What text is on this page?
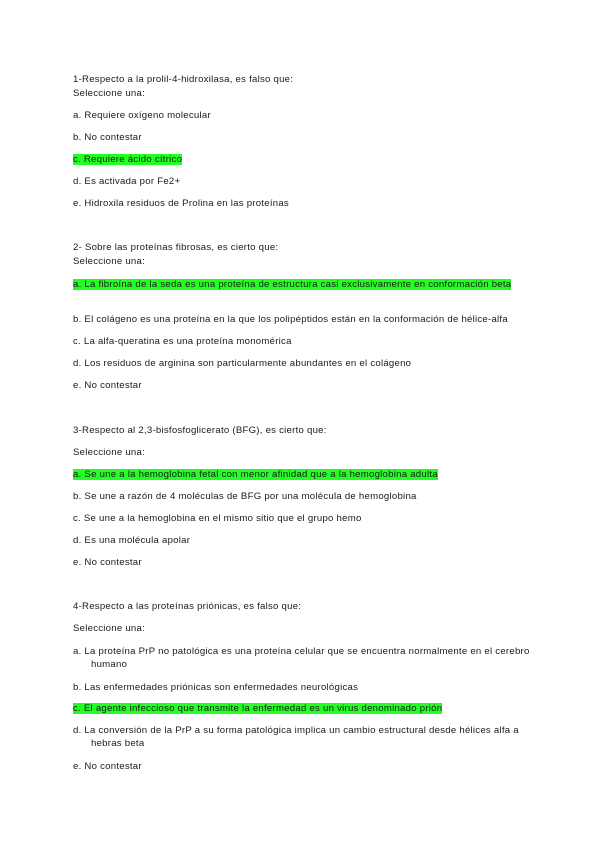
1-Respecto a la prolil-4-hidroxilasa, es falso que:
Seleccione una:
a. Requiere oxígeno molecular
b. No contestar
c. Requiere ácido cítrico
d. Es activada por Fe2+
e. Hidroxila residuos de Prolina en las proteínas
2- Sobre las proteínas fibrosas, es cierto que:
Seleccione una:
a. La fibroína de la seda es una proteína de estructura casi exclusivamente en conformación beta
b. El colágeno es una proteína en la que los polipéptidos están en la conformación de hélice-alfa
c. La alfa-queratina es una proteína monomérica
d. Los residuos de arginina son particularmente abundantes en el colágeno
e. No contestar
3-Respecto al 2,3-bisfosfoglicerato (BFG), es cierto que:
Seleccione una:
a. Se une a la hemoglobina fetal con menor afinidad que a la hemoglobina adulta
b. Se une a razón de 4 moléculas de BFG por una molécula de hemoglobina
c. Se une a la hemoglobina en el mismo sitio que el grupo hemo
d. Es una molécula apolar
e. No contestar
4-Respecto a las proteínas priónicas, es falso que:
Seleccione una:
a. La proteína PrP no patológica es una proteína celular que se encuentra normalmente en el cerebro humano
b. Las enfermedades priónicas son enfermedades neurológicas
c. El agente infeccioso que transmite la enfermedad es un virus denominado prión
d. La conversión de la PrP a su forma patológica implica un cambio estructural desde hélices alfa a hebras beta
e. No contestar
